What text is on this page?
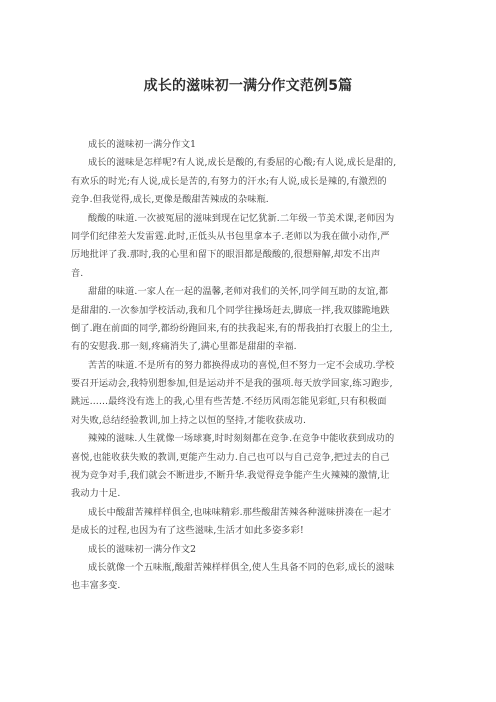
成长的滋味初一满分作文范例5篇
成长的滋味初一满分作文1
成长的滋味是怎样呢?有人说,成长是酸的,有委屈的心酸;有人说,成长是甜的,
有欢乐的时光;有人说,成长是苦的,有努力的汗水;有人说,成长是辣的,有激烈的
竞争.但我觉得,成长,更像是酸甜苦辣成的杂味瓶.
酸酸的味道.一次被冤屈的滋味到现在记忆犹新.二年级一节美术课,老师因为
同学们纪律差大发雷霆.此时,正低头从书包里拿本子.老师以为我在做小动作,严
厉地批评了我.那时,我的心里和留下的眼泪都是酸酸的,很想辩解,却发不出声
音.
甜甜的味道.一家人在一起的温馨,老师对我们的关怀,同学间互助的友谊,都
是甜甜的.一次参加学校活动,我和几个同学往操场赶去,脚底一拌,我双膝跪地跌
倒了.跑在前面的同学,都纷纷跑回来,有的扶我起来,有的帮我拍打衣服上的尘土,
有的安慰我.那一刻,疼痛消失了,满心里都是甜甜的幸福.
苦苦的味道.不是所有的努力都换得成功的喜悦,但不努力一定不会成功.学校
要召开运动会,我特别想参加,但是运动并不是我的强项.每天放学回家,练习跑步,
跳远……最终没有选上的我,心里有些苦楚.不经历风雨怎能见彩虹,只有积极面
对失败,总结经验教训,加上持之以恒的坚持,才能收获成功.
辣辣的滋味.人生就像一场球赛,时时刻刻都在竞争.在竞争中能收获到成功的
喜悦,也能收获失败的教训,更能产生动力.自己也可以与自己竞争,把过去的自己
视为竞争对手,我们就会不断进步,不断升华.我觉得竞争能产生火辣辣的激情,让
我动力十足.
成长中酸甜苦辣样样俱全,也味味精彩.那些酸甜苦辣各种滋味拼凑在一起才
是成长的过程,也因为有了这些滋味,生活才如此多姿多彩!
成长的滋味初一满分作文2
成长就像一个五味瓶,酸甜苦辣样样俱全,使人生具备不同的色彩,成长的滋味
也丰富多变.
